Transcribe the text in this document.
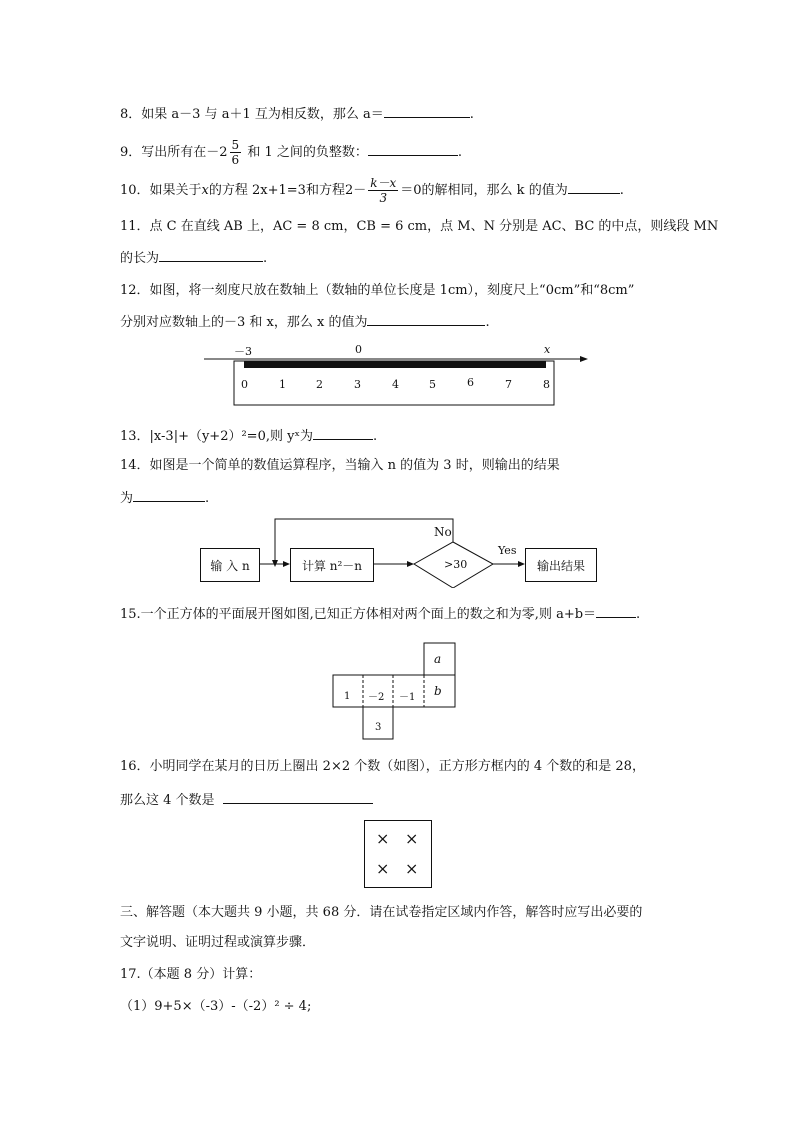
8．如果 a－3 与 a＋1 互为相反数，那么 a＝	.
9．写出所有在$-2 \frac{5}{6}$ 和 1 之间的负整数：	.
10．如果关于x的方程 2x+1=3和方程$2- \frac{k-x}{3} =0$的解相同，那么 k 的值为	.
11．点 C 在直线 AB 上，AC = 8 cm，CB = 6 cm，点 M、N 分别是 AC、BC 的中点，则线段 MN
的长为	.
12．如图，将一刻度尺放在数轴上（数轴的单位长度是 1cm），刻度尺上“0cm”和“8cm”
分别对应数轴上的－3 和 x，那么 x 的值为	.
－3	0	x
0	1	2	3	4	5	6	7	8
13．|x-3|+（y+2）²=0,则 yˣ为	.
14．如图是一个简单的数值运算程序，当输入 n 的值为 3 时，则输出的结果
为	.
输 入 n	计算 n²－n	>30
No
Yes
输出结果
15.一个正方体的平面展开图如图,已知正方体相对两个面上的数之和为零,则 a+b＝	.
a
b
1 －2 －1
3
16．小明同学在某月的日历上圈出 2×2 个数（如图），正方形方框内的 4 个数的和是 28，
那么这 4 个数是
× ×
× ×
三、解答题（本大题共 9 小题，共 68 分．请在试卷指定区域内作答，解答时应写出必要的
文字说明、证明过程或演算步骤．
17.（本题 8 分）计算：
（1）9+5×（-3）-（-2）² ÷ 4;
